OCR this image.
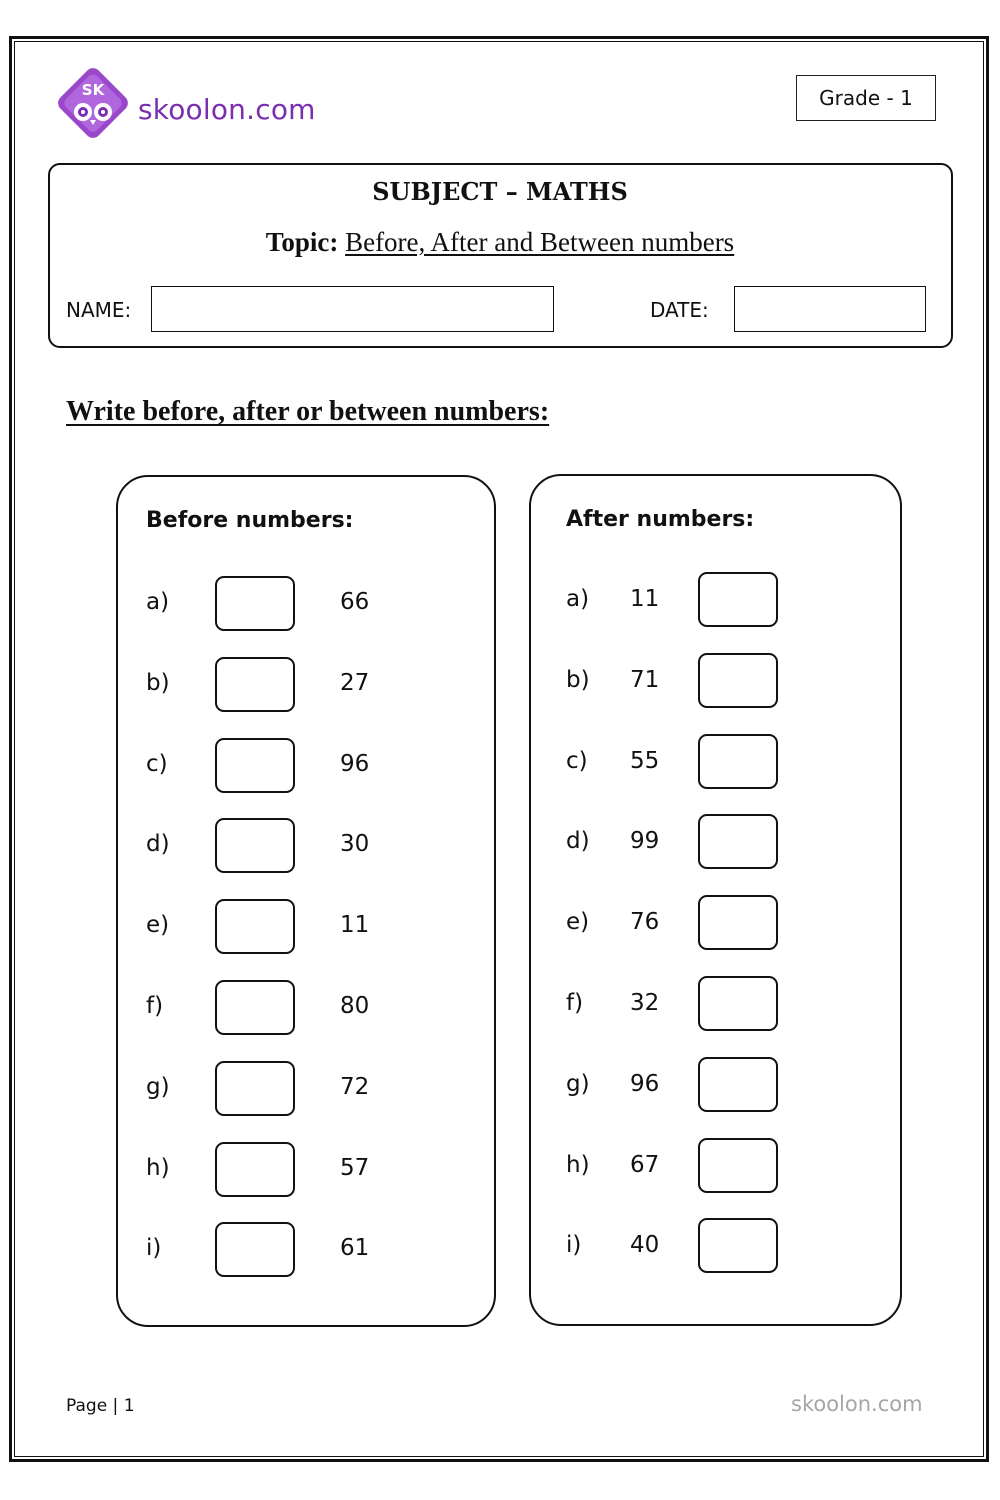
SK
skoolon.com	Grade - 1
SUBJECT – MATHS
Topic: Before, After and Between numbers
NAME:	DATE:
Write before, after or between numbers:
Before numbers:	After numbers:
a)	66
b)	27
c)	96
d)	30
e)	11
f)	80
g)	72
h)	57
i)	61
a) 11
b) 71
c) 55
d) 99
e) 76
f) 32
g) 96
h) 67
i) 40
Page | 1	skoolon.com
